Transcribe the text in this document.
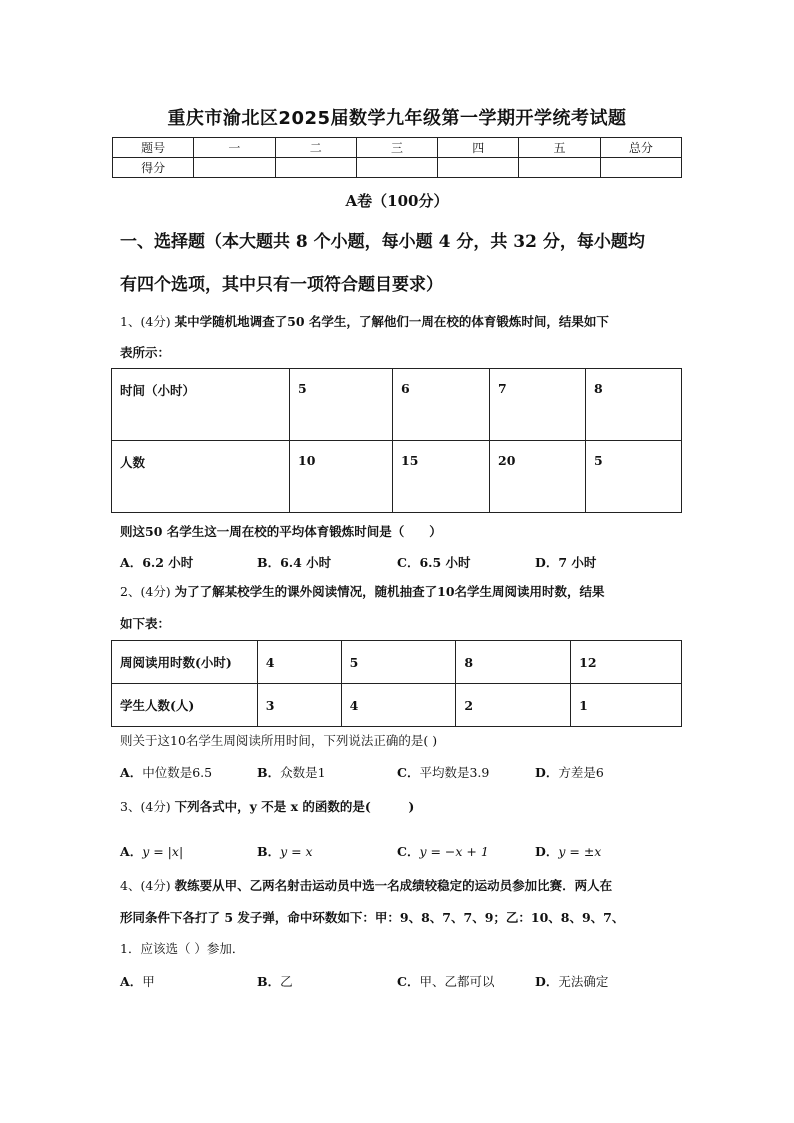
重庆市渝北区2025届数学九年级第一学期开学统考试题
题号	一	二	三	四	五	总分
得分						
A卷（100分）
一、选择题（本大题共 8 个小题，每小题 4 分，共 32 分，每小题均
有四个选项，其中只有一项符合题目要求）
1、(4分) 某中学随机地调查了50 名学生，了解他们一周在校的体育锻炼时间，结果如下
表所示：
时间（小时）	5	6	7	8
人数	10	15	20	5
则这50 名学生这一周在校的平均体育锻炼时间是（　　）
A．6.2 小时	B．6.4 小时	C．6.5 小时	D．7 小时
2、(4分) 为了了解某校学生的课外阅读情况，随机抽查了10名学生周阅读用时数，结果
如下表：
周阅读用时数(小时)	4	5	8	12
学生人数(人)	3	4	2	1
则关于这10名学生周阅读所用时间，下列说法正确的是( )
A．中位数是6.5	B．众数是1	C．平均数是3.9	D．方差是6
3、(4分) 下列各式中，y 不是 x 的函数的是(　　　)
A．y = |x|	B．y = x	C．y = −x + 1	D．y = ±x
4、(4分) 教练要从甲、乙两名射击运动员中选一名成绩较稳定的运动员参加比赛．两人在
形同条件下各打了 5 发子弹，命中环数如下：甲：9、8、7、7、9；乙：10、8、9、7、
1．应该选（ ）参加．
A．甲	B．乙	C．甲、乙都可以	D．无法确定
